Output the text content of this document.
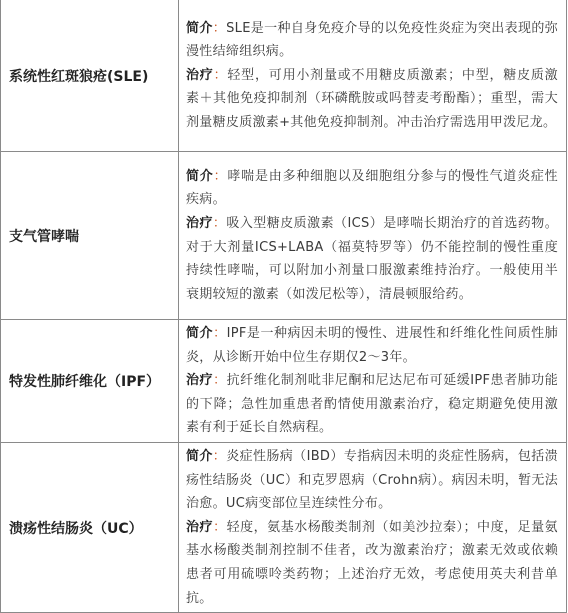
系统性红斑狼疮(SLE)	简介：SLE是一种自身免疫介导的以免疫性炎症为突出表现的弥漫性结缔组织病。

治疗：轻型，可用小剂量或不用糖皮质激素；中型，糖皮质激素＋其他免疫抑制剂（环磷酰胺或吗替麦考酚酯）；重型，需大剂量糖皮质激素+其他免疫抑制剂。冲击治疗需选用甲泼尼龙。

支气管哮喘	简介：哮喘是由多种细胞以及细胞组分参与的慢性气道炎症性疾病。

治疗：吸入型糖皮质激素（ICS）是哮喘长期治疗的首选药物。对于大剂量ICS+LABA（福莫特罗等）仍不能控制的慢性重度持续性哮喘，可以附加小剂量口服激素维持治疗。一般使用半衰期较短的激素（如泼尼松等），清晨顿服给药。

特发性肺纤维化（IPF）	简介：IPF是一种病因未明的慢性、进展性和纤维化性间质性肺炎，从诊断开始中位生存期仅2～3年。

治疗：抗纤维化制剂吡非尼酮和尼达尼布可延缓IPF患者肺功能的下降；急性加重患者酌情使用激素治疗，稳定期避免使用激素有利于延长自然病程。

溃疡性结肠炎（UC）	简介：炎症性肠病（IBD）专指病因未明的炎症性肠病，包括溃疡性结肠炎（UC）和克罗恩病（Crohn病）。病因未明，暂无法治愈。UC病变部位呈连续性分布。

治疗：轻度，氨基水杨酸类制剂（如美沙拉秦）；中度，足量氨基水杨酸类制剂控制不佳者，改为激素治疗；激素无效或依赖患者可用硫嘌呤类药物；上述治疗无效，考虑使用英夫利昔单抗。
